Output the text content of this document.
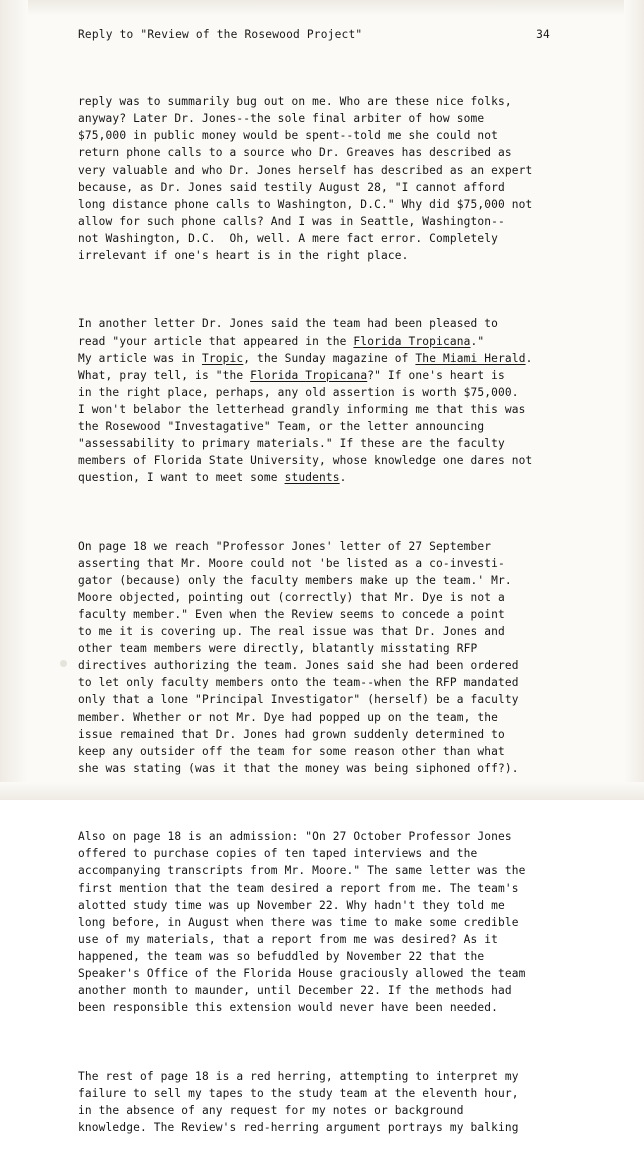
Reply to "Review of the Rosewood Project"	34

reply was to summarily bug out on me. Who are these nice folks,
anyway? Later Dr. Jones--the sole final arbiter of how some
$75,000 in public money would be spent--told me she could not
return phone calls to a source who Dr. Greaves has described as
very valuable and who Dr. Jones herself has described as an expert
because, as Dr. Jones said testily August 28, "I cannot afford
long distance phone calls to Washington, D.C." Why did $75,000 not
allow for such phone calls? And I was in Seattle, Washington--
not Washington, D.C.  Oh, well. A mere fact error. Completely
irrelevant if one's heart is in the right place.

In another letter Dr. Jones said the team had been pleased to
read "your article that appeared in the Florida Tropicana."
My article was in Tropic, the Sunday magazine of The Miami Herald.
What, pray tell, is "the Florida Tropicana?" If one's heart is
in the right place, perhaps, any old assertion is worth $75,000.
I won't belabor the letterhead grandly informing me that this was
the Rosewood "Investagative" Team, or the letter announcing
"assessability to primary materials." If these are the faculty
members of Florida State University, whose knowledge one dares not
question, I want to meet some students.

On page 18 we reach "Professor Jones' letter of 27 September
asserting that Mr. Moore could not 'be listed as a co-investi-
gator (because) only the faculty members make up the team.' Mr.
Moore objected, pointing out (correctly) that Mr. Dye is not a
faculty member." Even when the Review seems to concede a point
to me it is covering up. The real issue was that Dr. Jones and
other team members were directly, blatantly misstating RFP
directives authorizing the team. Jones said she had been ordered
to let only faculty members onto the team--when the RFP mandated
only that a lone "Principal Investigator" (herself) be a faculty
member. Whether or not Mr. Dye had popped up on the team, the
issue remained that Dr. Jones had grown suddenly determined to
keep any outsider off the team for some reason other than what
she was stating (was it that the money was being siphoned off?).

Also on page 18 is an admission: "On 27 October Professor Jones
offered to purchase copies of ten taped interviews and the
accompanying transcripts from Mr. Moore." The same letter was the
first mention that the team desired a report from me. The team's
alotted study time was up November 22. Why hadn't they told me
long before, in August when there was time to make some credible
use of my materials, that a report from me was desired? As it
happened, the team was so befuddled by November 22 that the
Speaker's Office of the Florida House graciously allowed the team
another month to maunder, until December 22. If the methods had
been responsible this extension would never have been needed.

The rest of page 18 is a red herring, attempting to interpret my
failure to sell my tapes to the study team at the eleventh hour,
in the absence of any request for my notes or background
knowledge. The Review's red-herring argument portrays my balking
